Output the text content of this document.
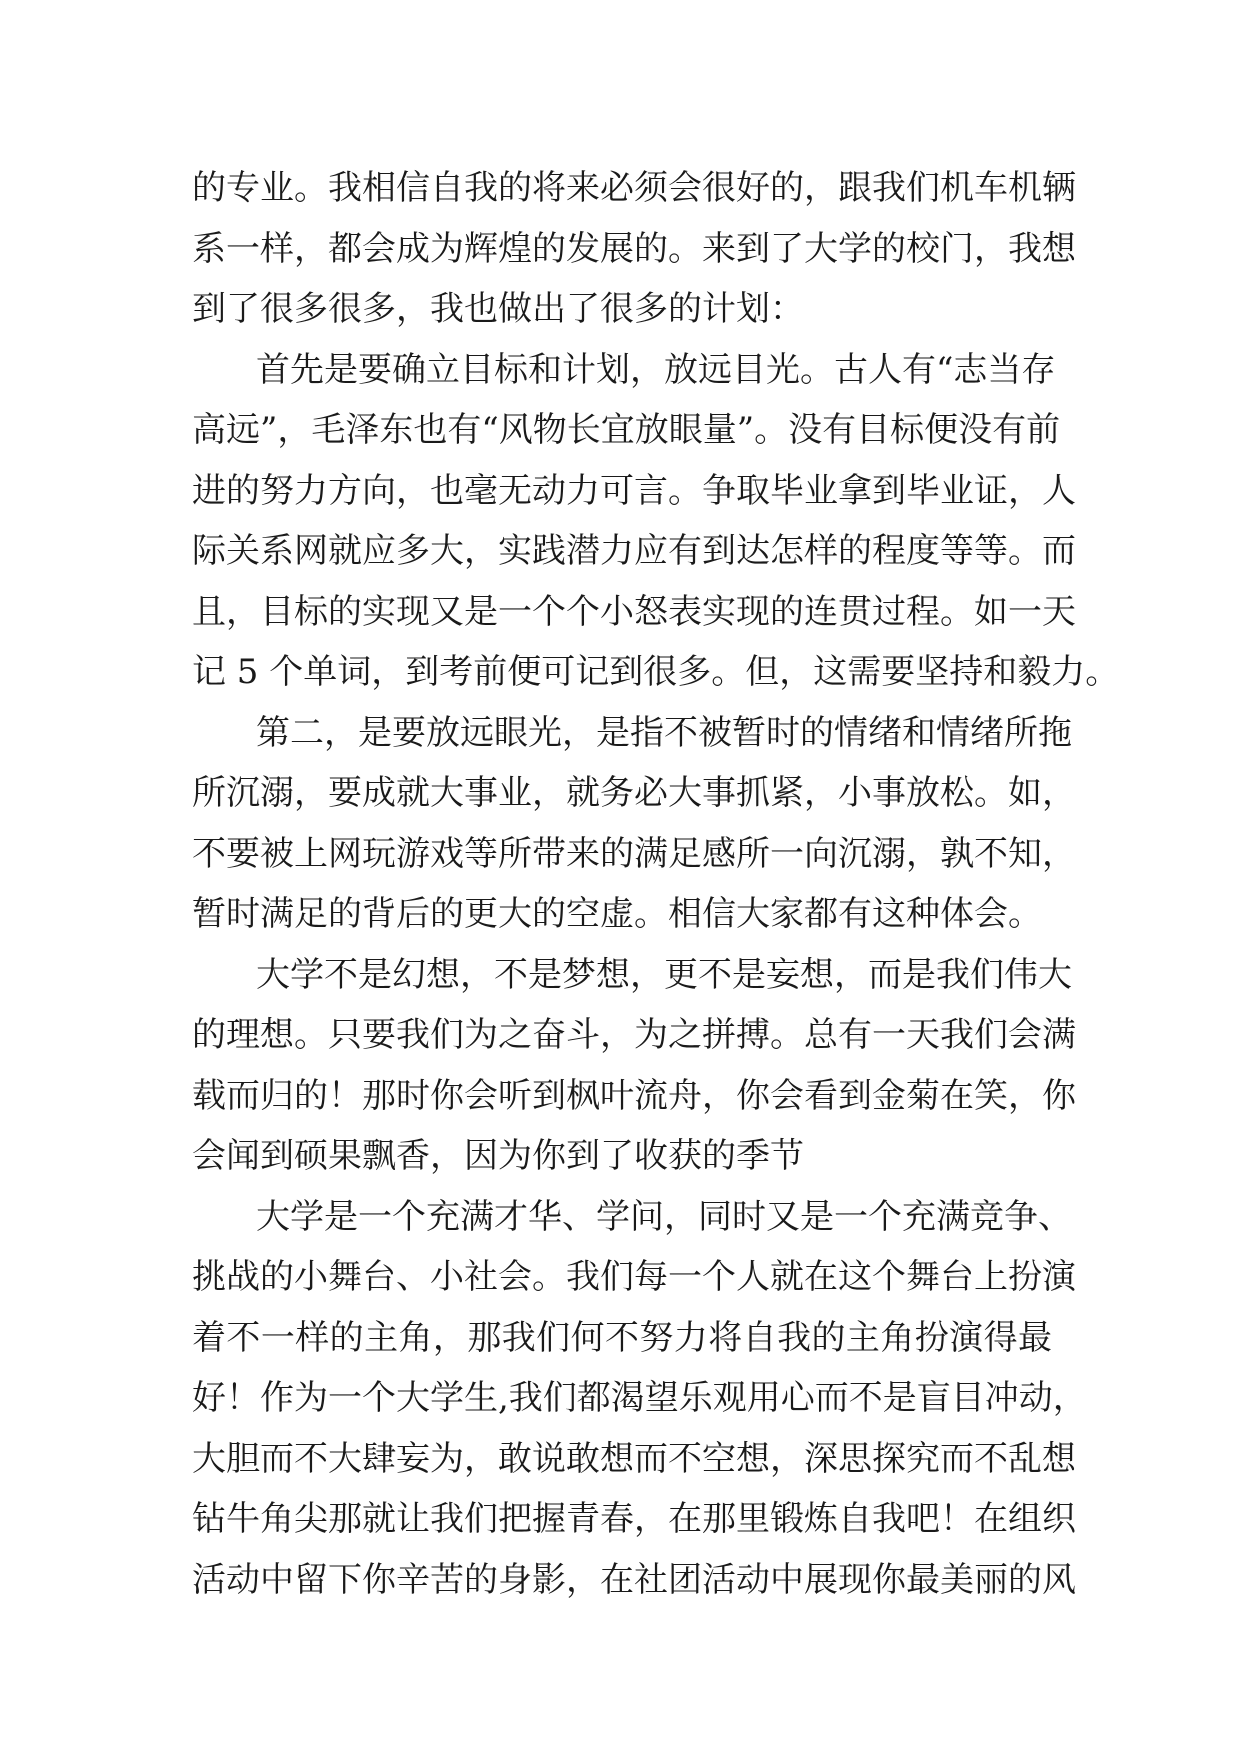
的专业。我相信自我的将来必须会很好的，跟我们机车机辆
系一样，都会成为辉煌的发展的。来到了大学的校门，我想
到了很多很多，我也做出了很多的计划：
首先是要确立目标和计划，放远目光。古人有“志当存
高远”，毛泽东也有“风物长宜放眼量”。没有目标便没有前
进的努力方向，也毫无动力可言。争取毕业拿到毕业证，人
际关系网就应多大，实践潜力应有到达怎样的程度等等。而
且，目标的实现又是一个个小怒表实现的连贯过程。如一天
记 5 个单词，到考前便可记到很多。但，这需要坚持和毅力。
第二，是要放远眼光，是指不被暂时的情绪和情绪所拖
所沉溺，要成就大事业，就务必大事抓紧，小事放松。如，
不要被上网玩游戏等所带来的满足感所一向沉溺，孰不知，
暂时满足的背后的更大的空虚。相信大家都有这种体会。
大学不是幻想，不是梦想，更不是妄想，而是我们伟大
的理想。只要我们为之奋斗，为之拼搏。总有一天我们会满
载而归的！那时你会听到枫叶流舟，你会看到金菊在笑，你
会闻到硕果飘香，因为你到了收获的季节
大学是一个充满才华、学问，同时又是一个充满竞争、
挑战的小舞台、小社会。我们每一个人就在这个舞台上扮演
着不一样的主角，那我们何不努力将自我的主角扮演得最
好！作为一个大学生,我们都渴望乐观用心而不是盲目冲动，
大胆而不大肆妄为，敢说敢想而不空想，深思探究而不乱想
钻牛角尖那就让我们把握青春，在那里锻炼自我吧！在组织
活动中留下你辛苦的身影，在社团活动中展现你最美丽的风
